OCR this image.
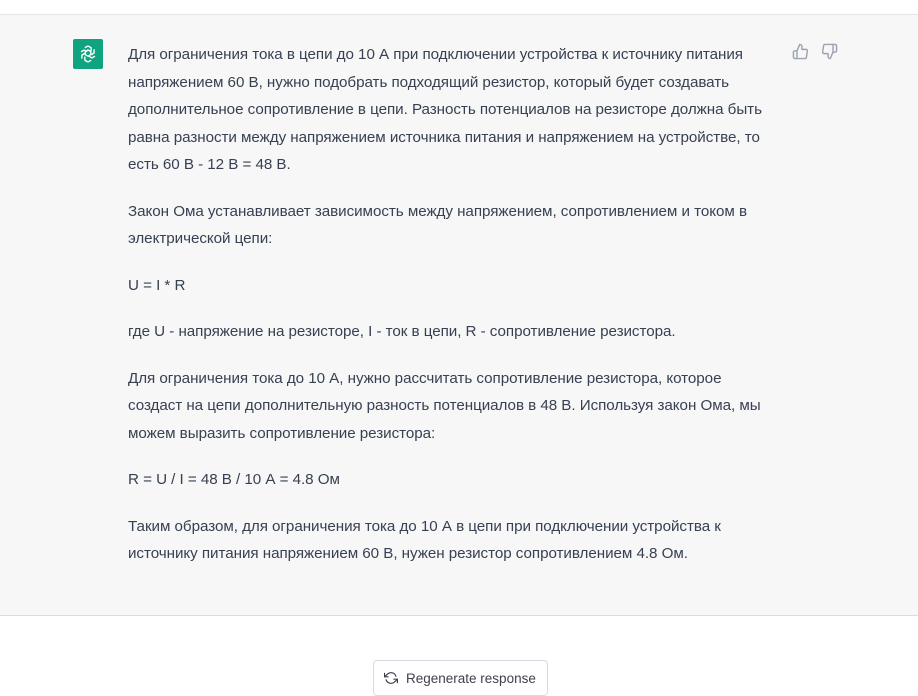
Для ограничения тока в цепи до 10 А при подключении устройства к источнику питания напряжением 60 В, нужно подобрать подходящий резистор, который будет создавать дополнительное сопротивление в цепи. Разность потенциалов на резисторе должна быть равна разности между напряжением источника питания и напряжением на устройстве, то есть 60 В - 12 В = 48 В.

Закон Ома устанавливает зависимость между напряжением, сопротивлением и током в электрической цепи:

U = I * R

где U - напряжение на резисторе, I - ток в цепи, R - сопротивление резистора.

Для ограничения тока до 10 А, нужно рассчитать сопротивление резистора, которое создаст на цепи дополнительную разность потенциалов в 48 В. Используя закон Ома, мы можем выразить сопротивление резистора:

R = U / I = 48 В / 10 А = 4.8 Ом

Таким образом, для ограничения тока до 10 А в цепи при подключении устройства к источнику питания напряжением 60 В, нужен резистор сопротивлением 4.8 Ом.

Regenerate response
